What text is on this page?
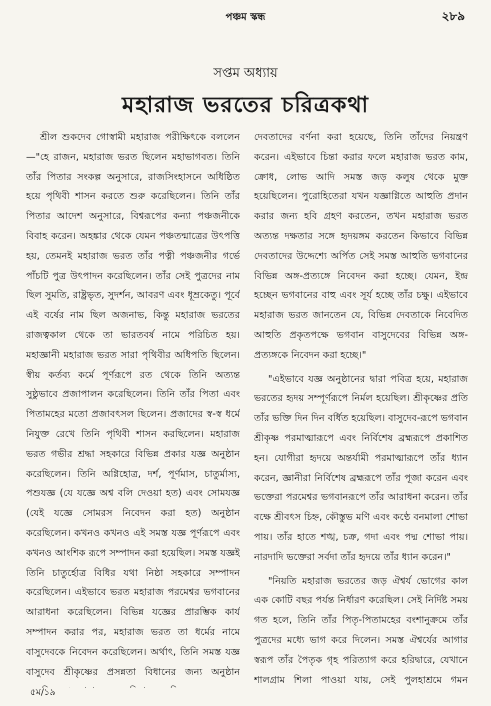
পঞ্চম স্কন্ধ	২৮৯
সপ্তম অধ্যায়
মহারাজ ভরতের চরিত্রকথা

শ্রীল শুকদেব গোস্বামী মহারাজ পরীক্ষিৎকে বললেন—"হে রাজন, মহারাজ ভরত ছিলেন মহাভাগবত। তিনি তাঁর পিতার সংকল্প অনুসারে, রাজসিংহাসনে অধিষ্ঠিত হয়ে পৃথিবী শাসন করতে শুরু করেছিলেন। তিনি তাঁর পিতার আদেশ অনুসারে, বিশ্বরূপের কন্যা পঞ্চজনীকে বিবাহ করেন। অহঙ্কার থেকে যেমন পঞ্চতন্মাত্রের উৎপত্তি হয়, তেমনই মহারাজ ভরত তাঁর পত্নী পঞ্চজনীর গর্ভে পাঁচটি পুত্র উৎপাদন করেছিলেন। তাঁর সেই পুত্রদের নাম ছিল সুমতি, রাষ্ট্রভৃত, সুদর্শন, আবরণ এবং ধূম্রকেতু। পূর্বে এই বর্ষের নাম ছিল অজনাভ, কিন্তু মহারাজ ভরতের রাজত্বকাল থেকে তা ভারতবর্ষ নামে পরিচিত হয়। মহাজ্ঞানী মহারাজ ভরত সারা পৃথিবীর অধিপতি ছিলেন। স্বীয় কর্তব্য কর্মে পূর্ণরূপে রত থেকে তিনি অত্যন্ত সুষ্ঠুভাবে প্রজাপালন করেছিলেন। তিনি তাঁর পিতা এবং পিতামহের মতো প্রজাবৎসল ছিলেন। প্রজাদের স্ব-স্ব ধর্মে নিযুক্ত রেখে তিনি পৃথিবী শাসন করছিলেন। মহারাজ ভরত গভীর শ্রদ্ধা সহকারে বিভিন্ন প্রকার যজ্ঞ অনুষ্ঠান করেছিলেন। তিনি অগ্নিহোত্র, দর্শ, পূর্ণমাস, চাতুর্মাস্য, পশুযজ্ঞ (যে যজ্ঞে অশ্ব বলি দেওয়া হত) এবং সোমযজ্ঞ (যেই যজ্ঞে সোমরস নিবেদন করা হত) অনুষ্ঠান করেছিলেন। কখনও কখনও এই সমস্ত যজ্ঞ পূর্ণরূপে এবং কখনও আংশিক রূপে সম্পাদন করা হয়েছিল। সমস্ত যজ্ঞই তিনি চাতুর্হোত্র বিধির যথা নিষ্ঠা সহকারে সম্পাদন করেছিলেন। এইভাবে ভরত মহারাজ পরমেশ্বর ভগবানের আরাধনা করেছিলেন। বিভিন্ন যজ্ঞের প্রারম্ভিক কার্য সম্পাদন করার পর, মহারাজ ভরত তা ধর্মের নামে বাসুদেবকে নিবেদন করেছিলেন। অর্থাৎ, তিনি সমস্ত যজ্ঞ বাসুদেব শ্রীকৃষ্ণের প্রসন্নতা বিধানের জন্য অনুষ্ঠান

দেবতাদের বর্ণনা করা হয়েছে, তিনি তাঁদের নিয়ন্ত্রণ করেন। এইভাবে চিন্তা করার ফলে মহারাজ ভরত কাম, ক্রোধ, লোভ আদি সমস্ত জড় কলুষ থেকে মুক্ত হয়েছিলেন। পুরোহিতেরা যখন যজ্ঞাগ্নিতে আহুতি প্রদান করার জন্য হবি গ্রহণ করতেন, তখন মহারাজ ভরত অত্যন্ত দক্ষতার সঙ্গে হৃদয়ঙ্গম করতেন কিভাবে বিভিন্ন দেবতাদের উদ্দেশ্যে অর্পিত সেই সমস্ত আহুতি ভগবানের বিভিন্ন অঙ্গ-প্রত্যঙ্গে নিবেদন করা হচ্ছে। যেমন, ইন্দ্র হচ্ছেন ভগবানের বাহু এবং সূর্য হচ্ছে তাঁর চক্ষু। এইভাবে মহারাজ ভরত জানতেন যে, বিভিন্ন দেবতাকে নিবেদিত আহুতি প্রকৃতপক্ষে ভগবান বাসুদেবের বিভিন্ন অঙ্গ-প্রত্যঙ্গকে নিবেদন করা হচ্ছে।"

"এইভাবে যজ্ঞ অনুষ্ঠানের দ্বারা পবিত্র হয়ে, মহারাজ ভরতের হৃদয় সম্পূর্ণরূপে নির্মল হয়েছিল। শ্রীকৃষ্ণের প্রতি তাঁর ভক্তি দিন দিন বর্ধিত হয়েছিল। বাসুদেব-রূপে ভগবান শ্রীকৃষ্ণ পরমাত্মারূপে এবং নির্বিশেষ ব্রহ্মরূপে প্রকাশিত হন। যোগীরা হৃদয়ে অন্তর্যামী পরমাত্মারূপে তাঁর ধ্যান করেন, জ্ঞানীরা নির্বিশেষ ব্রহ্মরূপে তাঁর পূজা করেন এবং ভক্তেরা পরমেশ্বর ভগবানরূপে তাঁর আরাধনা করেন। তাঁর বক্ষে শ্রীবৎস চিহ্ন, কৌস্তুভ মণি এবং কণ্ঠে বনমালা শোভা পায়। তাঁর হাতে শঙ্খ, চক্র, গদা এবং পদ্ম শোভা পায়। নারদাদি ভক্তেরা সর্বদা তাঁর হৃদয়ে তাঁর ধ্যান করেন।"

"নিয়তি মহারাজ ভরতের জড় ঐশ্বর্য ভোগের কাল এক কোটি বছর পর্যন্ত নির্ধারণ করেছিল। সেই নির্দিষ্ট সময় গত হলে, তিনি তাঁর পিতৃ-পিতামহের বংশানুক্রমে তাঁর পুত্রদের মধ্যে ভাগ করে দিলেন। সমস্ত ঐশ্বর্যের আগার স্বরূপ তাঁর পৈতৃক গৃহ পরিত্যাগ করে হরিদ্বারে, যেখানে শালগ্রাম শিলা পাওয়া যায়, সেই পুলহাশ্রমে গমন

৫ম/১৯
